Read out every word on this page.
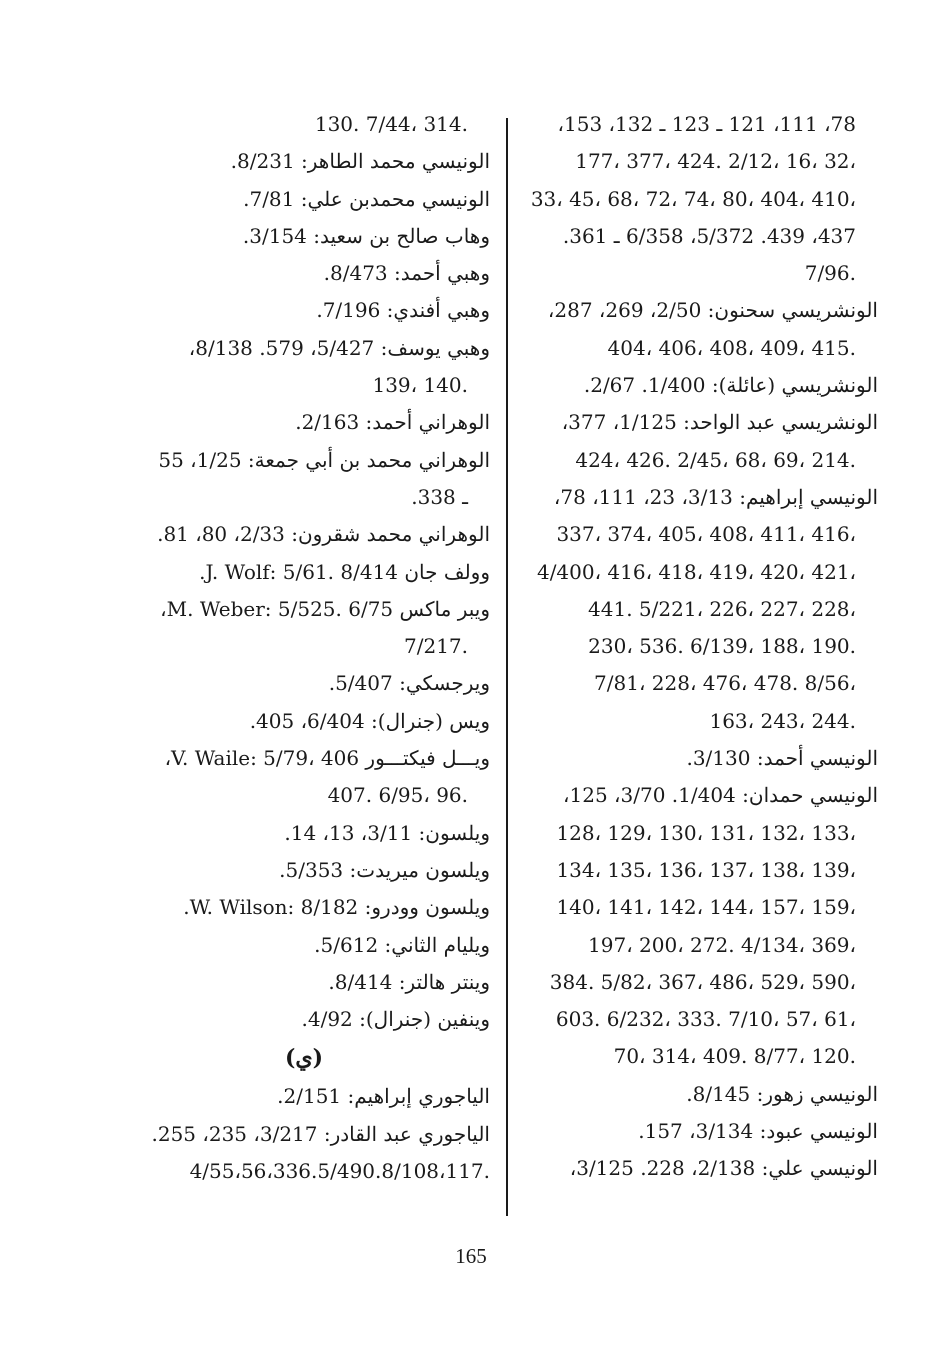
78، 111، 121 ـ 123 ـ 132، 153،
177، 377، 424. 2/12، 16، 32،
33، 45، 68، 72، 74، 80، 404، 410،
437، 439. 5/372، 6/358 ـ 361.
7/96.
الونشريسي سحنون: 2/50، 269، 287،
404، 406، 408، 409، 415.
الونشريسي (عائلة): 1/400. 2/67.
الونشريسي عبد الواحد: 1/125، 377،
424، 426. 2/45، 68، 69، 214.
الونيسي إبراهيم: 3/13، 23، 111، 78،
337، 374، 405، 408، 411، 416،
4/400، 416، 418، 419، 420، 421،
441. 5/221، 226، 227، 228،
230، 536. 6/139، 188، 190.
7/81، 228، 476، 478. 8/56،
163، 243، 244.
الونيسي أحمد: 3/130.
الونيسي حمدان: 1/404. 3/70، 125،
128، 129، 130، 131، 132، 133،
134، 135، 136، 137، 138، 139،
140، 141، 142، 144، 157، 159،
197، 200، 272. 4/134، 369،
384. 5/82، 367، 486، 529، 590،
603. 6/232، 333. 7/10، 57، 61،
70، 314، 409. 8/77، 120.
الونيسي زهور: 8/145.
الونيسي عبود: 3/134، 157.
الونيسي علي: 2/138، 228. 3/125،
130. 7/44، 314.
الونيسي محمد الطاهر: 8/231.
الونيسي محمدبن علي: 7/81.
وهاب صالح بن سعيد: 3/154.
وهبي أحمد: 8/473.
وهبي أفندي: 7/196.
وهبي يوسف: 5/427، 579. 8/138،
139، 140.
الوهراني أحمد: 2/163.
الوهراني محمد بن أبي جمعة: 1/25، 55
ـ 338.
الوهراني محمد شقرون: 2/33، 80، 81.
وولف جان J. Wolf: 5/61. 8/414.
ويبر ماكس M. Weber: 5/525. 6/75،
7/217.
ويرجسكي: 5/407.
ويس (جنرال): 6/404، 405.
ويـــل فيكتـــور V. Waile: 5/79، 406،
407. 6/95، 96.
ويلسون: 3/11، 13، 14.
ويلسون ميريدت: 5/353.
ويلسون وودرو: W. Wilson: 8/182.
ويليام الثاني: 5/612.
وينتر هالتر: 8/414.
وينفين (جنرال): 4/92.
(ي)
الياجوري إبراهيم: 2/151.
الياجوري عبد القادر: 3/217، 235، 255.
4/55،56،336.5/490.8/108،117.
165
